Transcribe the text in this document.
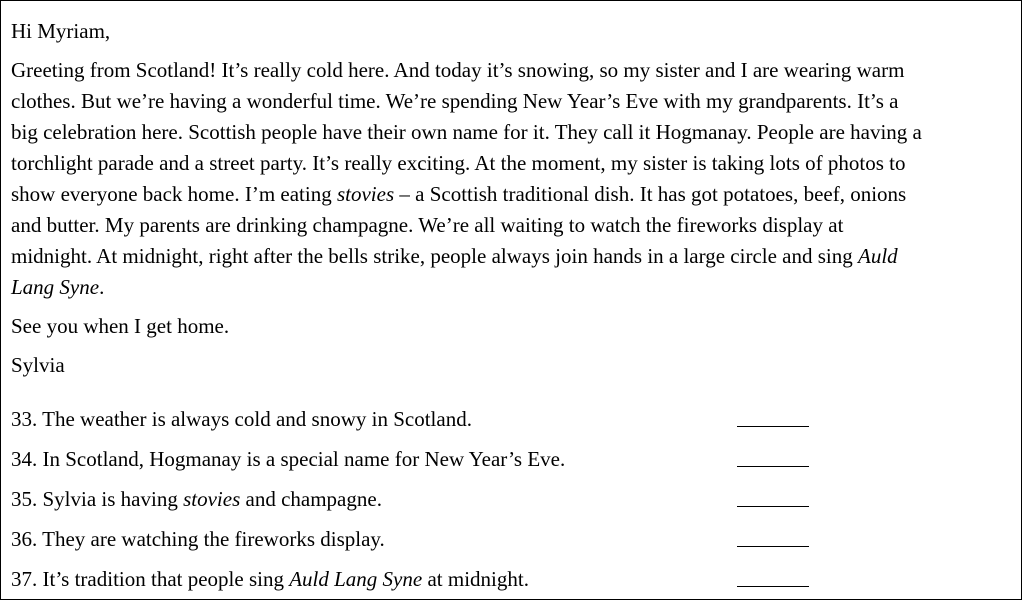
Hi Myriam,
Greeting from Scotland! It’s really cold here. And today it’s snowing, so my sister and I are wearing warm
clothes. But we’re having a wonderful time. We’re spending New Year’s Eve with my grandparents. It’s a
big celebration here. Scottish people have their own name for it. They call it Hogmanay. People are having a
torchlight parade and a street party. It’s really exciting. At the moment, my sister is taking lots of photos to
show everyone back home. I’m eating stovies – a Scottish traditional dish. It has got potatoes, beef, onions
and butter. My parents are drinking champagne. We’re all waiting to watch the fireworks display at
midnight. At midnight, right after the bells strike, people always join hands in a large circle and sing Auld
Lang Syne.
See you when I get home.
Sylvia
33. The weather is always cold and snowy in Scotland.
34. In Scotland, Hogmanay is a special name for New Year’s Eve.
35. Sylvia is having stovies and champagne.
36. They are watching the fireworks display.
37. It’s tradition that people sing Auld Lang Syne at midnight.
